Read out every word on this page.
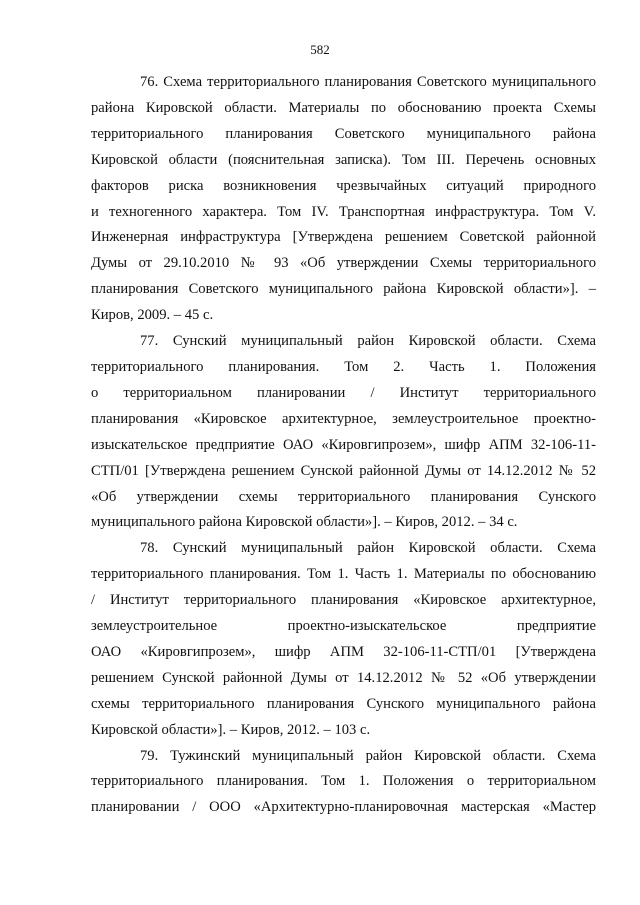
582

76. Схема территориального планирования Советского муниципального
района Кировской области. Материалы по обоснованию проекта Схемы
территориального планирования Советского муниципального района
Кировской области (пояснительная записка). Том III. Перечень основных
факторов риска возникновения чрезвычайных ситуаций природного
и техногенного характера. Том IV. Транспортная инфраструктура. Том V.
Инженерная инфраструктура [Утверждена решением Советской районной
Думы от 29.10.2010 № 93 «Об утверждении Схемы территориального
планирования Советского муниципального района Кировской области»]. –
Киров, 2009. – 45 с.

77. Сунский муниципальный район Кировской области. Схема
территориального планирования. Том 2. Часть 1. Положения
о территориальном планировании / Институт территориального
планирования «Кировское архитектурное, землеустроительное проектно-
изыскательское предприятие ОАО «Кировгипрозем», шифр АПМ 32-106-11-
СТП/01 [Утверждена решением Сунской районной Думы от 14.12.2012 № 52
«Об утверждении схемы территориального планирования Сунского
муниципального района Кировской области»]. – Киров, 2012. – 34 с.

78. Сунский муниципальный район Кировской области. Схема
территориального планирования. Том 1. Часть 1. Материалы по обоснованию
/ Институт территориального планирования «Кировское архитектурное,
землеустроительное проектно-изыскательское предприятие
ОАО «Кировгипрозем», шифр АПМ 32-106-11-СТП/01 [Утверждена
решением Сунской районной Думы от 14.12.2012 № 52 «Об утверждении
схемы территориального планирования Сунского муниципального района
Кировской области»]. – Киров, 2012. – 103 с.

79. Тужинский муниципальный район Кировской области. Схема
территориального планирования. Том 1. Положения о территориальном
планировании / ООО «Архитектурно-планировочная мастерская «Мастер
